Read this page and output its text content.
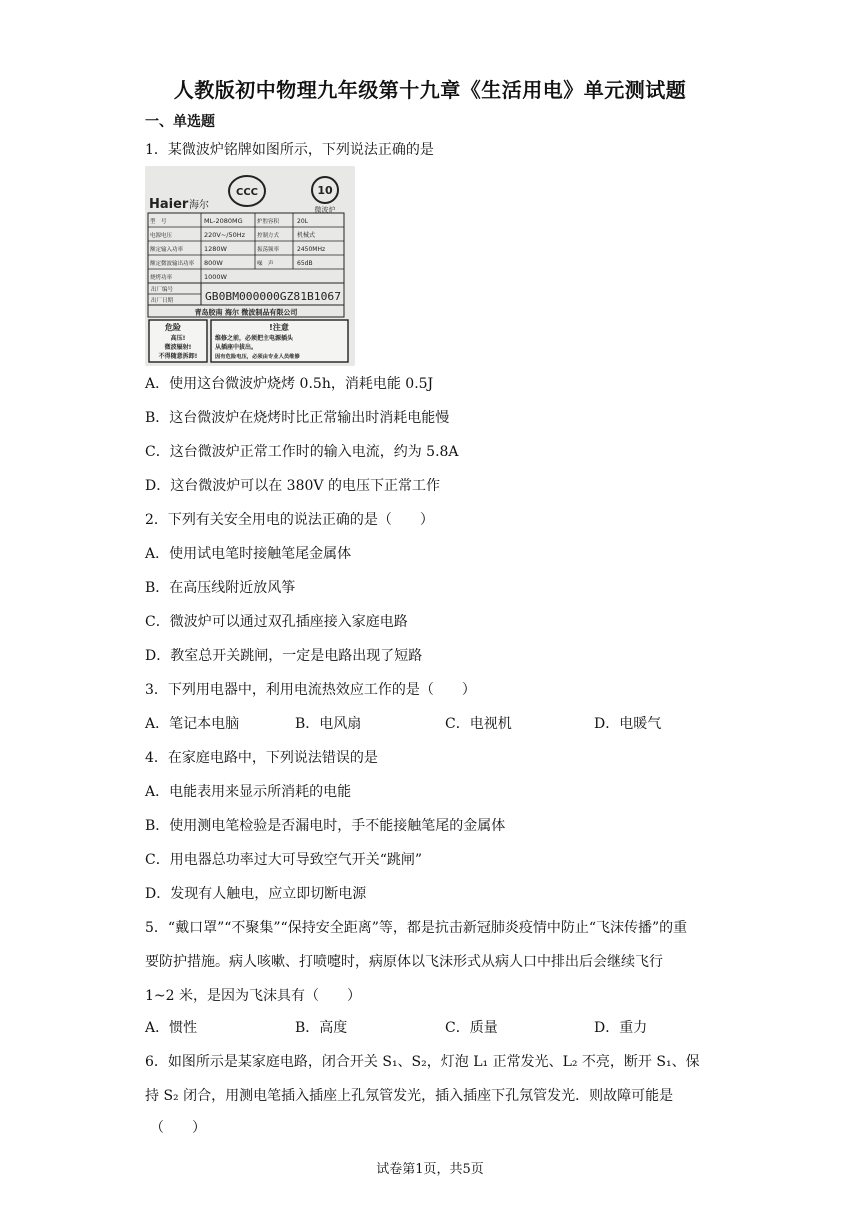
人教版初中物理九年级第十九章《生活用电》单元测试题
一、单选题
1．某微波炉铭牌如图所示，下列说法正确的是
CCC	10
微波炉
Haier 海尔
型　号	ML-2080MG	炉腔容积	20L
电源电压	220V~/50Hz 控制方式	机械式
额定输入功率	1280W	振荡频率	2450MHz
额定微波输出功率 800W	噪　声	65dB
烧烤功率	1000W
出厂编号
出厂日期	GB0BM000000GZ81B1067
青岛胶南 海尔 微波制品有限公司
危险
高压!
微波辐射!
不得随意拆卸!
!注意
维修之前，必须把主电源插头
从插座中拔出。
因有危险电压，必须由专业人员维修
A．使用这台微波炉烧烤 0.5h，消耗电能 0.5J
B．这台微波炉在烧烤时比正常输出时消耗电能慢
C．这台微波炉正常工作时的输入电流，约为 5.8A
D．这台微波炉可以在 380V 的电压下正常工作
2．下列有关安全用电的说法正确的是（　　）
A．使用试电笔时接触笔尾金属体
B．在高压线附近放风筝
C．微波炉可以通过双孔插座接入家庭电路
D．教室总开关跳闸，一定是电路出现了短路
3．下列用电器中，利用电流热效应工作的是（　　）
A．笔记本电脑	B．电风扇	C．电视机	D．电暖气
4．在家庭电路中，下列说法错误的是
A．电能表用来显示所消耗的电能
B．使用测电笔检验是否漏电时，手不能接触笔尾的金属体
C．用电器总功率过大可导致空气开关“跳闸”
D．发现有人触电，应立即切断电源
5．“戴口罩”“不聚集”“保持安全距离”等，都是抗击新冠肺炎疫情中防止“飞沫传播”的重
要防护措施。病人咳嗽、打喷嚏时，病原体以飞沫形式从病人口中排出后会继续飞行
1~2 米，是因为飞沫具有（　　）
A．惯性	B．高度	C．质量	D．重力
6．如图所示是某家庭电路，闭合开关 S₁、S₂，灯泡 L₁ 正常发光、L₂ 不亮，断开 S₁、保
持 S₂ 闭合，用测电笔插入插座上孔氖管发光，插入插座下孔氖管发光．则故障可能是
（　　）
试卷第1页，共5页
